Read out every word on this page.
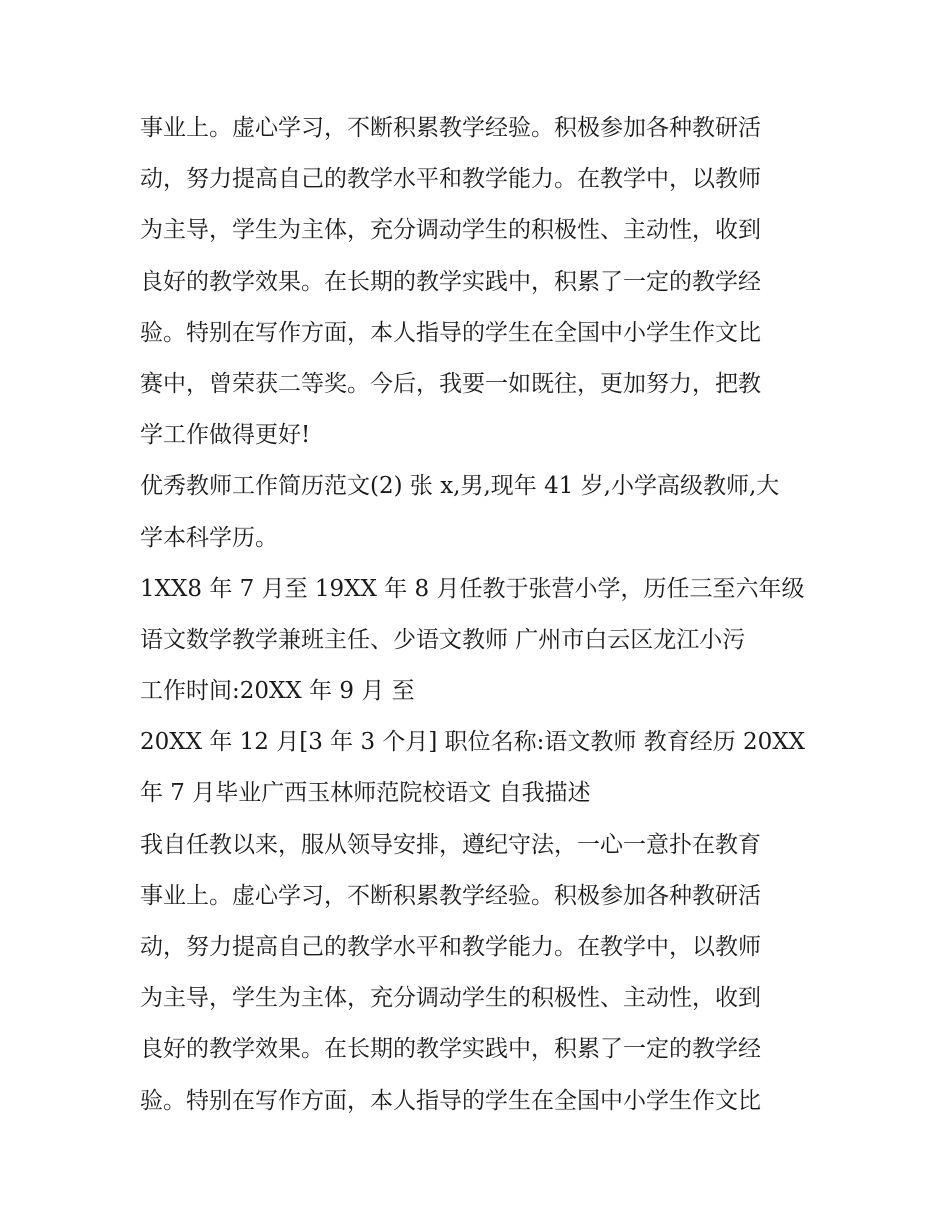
事业上。虚心学习，不断积累教学经验。积极参加各种教研活
动，努力提高自己的教学水平和教学能力。在教学中，以教师
为主导，学生为主体，充分调动学生的积极性、主动性，收到
良好的教学效果。在长期的教学实践中，积累了一定的教学经
验。特别在写作方面，本人指导的学生在全国中小学生作文比
赛中，曾荣获二等奖。今后，我要一如既往，更加努力，把教
学工作做得更好!
优秀教师工作简历范文(2) 张 x,男,现年 41 岁,小学高级教师,大
学本科学历。
1XX8 年 7 月至 19XX 年 8 月任教于张营小学，历任三至六年级
语文数学教学兼班主任、少语文教师 广州市白云区龙江小污
工作时间:20XX 年 9 月 至
20XX 年 12 月[3 年 3 个月] 职位名称:语文教师 教育经历 20XX
年 7 月毕业广西玉林师范院校语文 自我描述
我自任教以来，服从领导安排，遵纪守法，一心一意扑在教育
事业上。虚心学习，不断积累教学经验。积极参加各种教研活
动，努力提高自己的教学水平和教学能力。在教学中，以教师
为主导，学生为主体，充分调动学生的积极性、主动性，收到
良好的教学效果。在长期的教学实践中，积累了一定的教学经
验。特别在写作方面，本人指导的学生在全国中小学生作文比
